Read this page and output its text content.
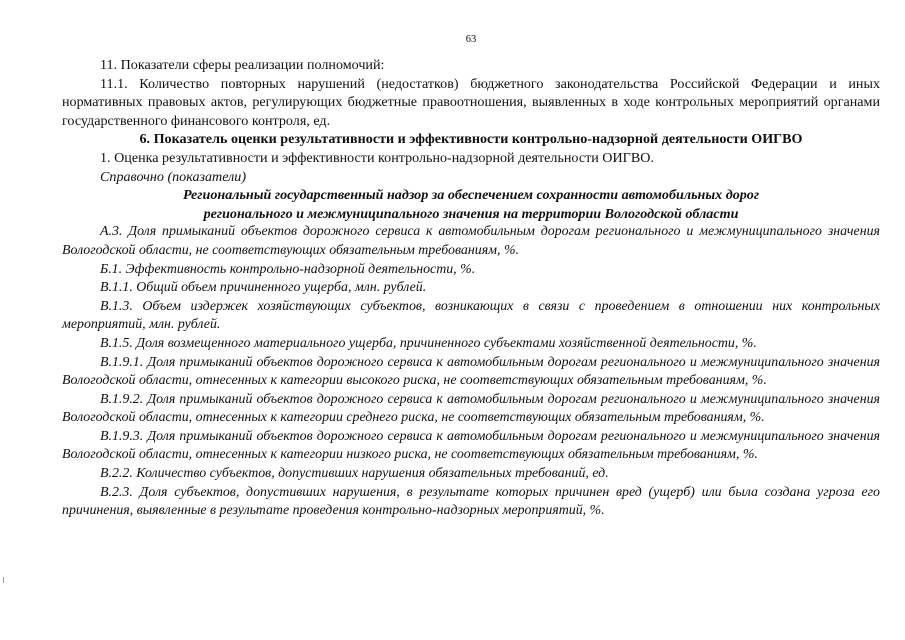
63

11. Показатели сферы реализации полномочий:

11.1. Количество повторных нарушений (недостатков) бюджетного законодательства Российской Федерации и иных нормативных правовых актов, регулирующих бюджетные правоотношения, выявленных в ходе контрольных мероприятий органами государственного финансового контроля, ед.

6. Показатель оценки результативности и эффективности контрольно-надзорной деятельности ОИГВО

1. Оценка результативности и эффективности контрольно-надзорной деятельности ОИГВО.

Справочно (показатели)

Региональный государственный надзор за обеспечением сохранности автомобильных дорог
регионального и межмуниципального значения на территории Вологодской области

А.3. Доля примыканий объектов дорожного сервиса к автомобильным дорогам регионального и межмуниципального значения Вологодской области, не соответствующих обязательным требованиям, %.

Б.1. Эффективность контрольно-надзорной деятельности, %.

В.1.1. Общий объем причиненного ущерба, млн. рублей.

В.1.3. Объем издержек хозяйствующих субъектов, возникающих в связи с проведением в отношении них контрольных мероприятий, млн. рублей.

В.1.5. Доля возмещенного материального ущерба, причиненного субъектами хозяйственной деятельности, %.

В.1.9.1. Доля примыканий объектов дорожного сервиса к автомобильным дорогам регионального и межмуниципального значения Вологодской области, отнесенных к категории высокого риска, не соответствующих обязательным требованиям, %.

В.1.9.2. Доля примыканий объектов дорожного сервиса к автомобильным дорогам регионального и межмуниципального значения Вологодской области, отнесенных к категории среднего риска, не соответствующих обязательным требованиям, %.

В.1.9.3. Доля примыканий объектов дорожного сервиса к автомобильным дорогам регионального и межмуниципального значения Вологодской области, отнесенных к категории низкого риска, не соответствующих обязательным требованиям, %.

В.2.2. Количество субъектов, допустивших нарушения обязательных требований, ед.

В.2.3. Доля субъектов, допустивших нарушения, в результате которых причинен вред (ущерб) или была создана угроза его причинения, выявленные в результате проведения контрольно-надзорных мероприятий, %.
